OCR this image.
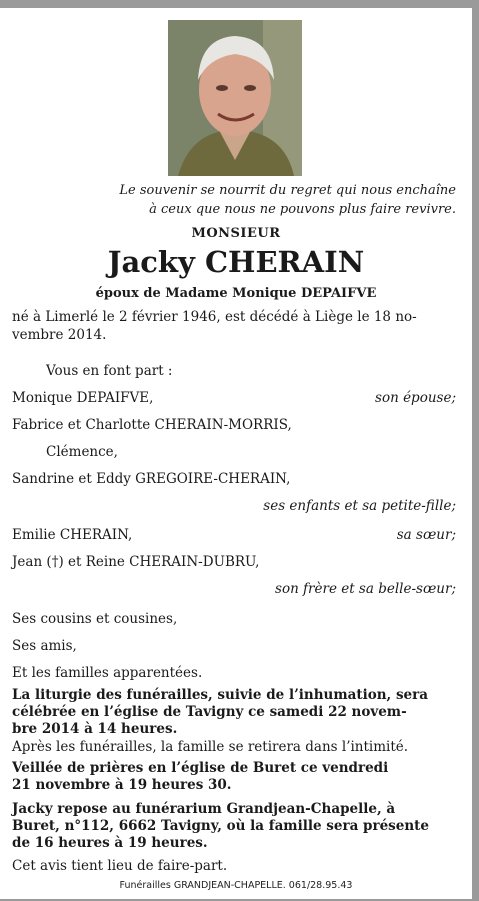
Le souvenir se nourrit du regret qui nous enchaîne
à ceux que nous ne pouvons plus faire revivre.
MONSIEUR
Jacky CHERAIN
époux de Madame Monique DEPAIFVE
né à Limerlé le 2 février 1946, est décédé à Liège le 18 no-
vembre 2014.
Vous en font part :
Monique DEPAIFVE,	son épouse;
Fabrice et Charlotte CHERAIN-MORRIS,
Clémence,
Sandrine et Eddy GREGOIRE-CHERAIN,
ses enfants et sa petite-fille;
Emilie CHERAIN,	sa sœur;
Jean (†) et Reine CHERAIN-DUBRU,
son frère et sa belle-sœur;
Ses cousins et cousines,
Ses amis,
Et les familles apparentées.
La liturgie des funérailles, suivie de l’inhumation, sera
célébrée en l’église de Tavigny ce samedi 22 novem-
bre 2014 à 14 heures.
Après les funérailles, la famille se retirera dans l’intimité.
Veillée de prières en l’église de Buret ce vendredi
21 novembre à 19 heures 30.
Jacky repose au funérarium Grandjean-Chapelle, à
Buret, n°112, 6662 Tavigny, où la famille sera présente
de 16 heures à 19 heures.
Cet avis tient lieu de faire-part.
Funérailles GRANDJEAN-CHAPELLE. 061/28.95.43
